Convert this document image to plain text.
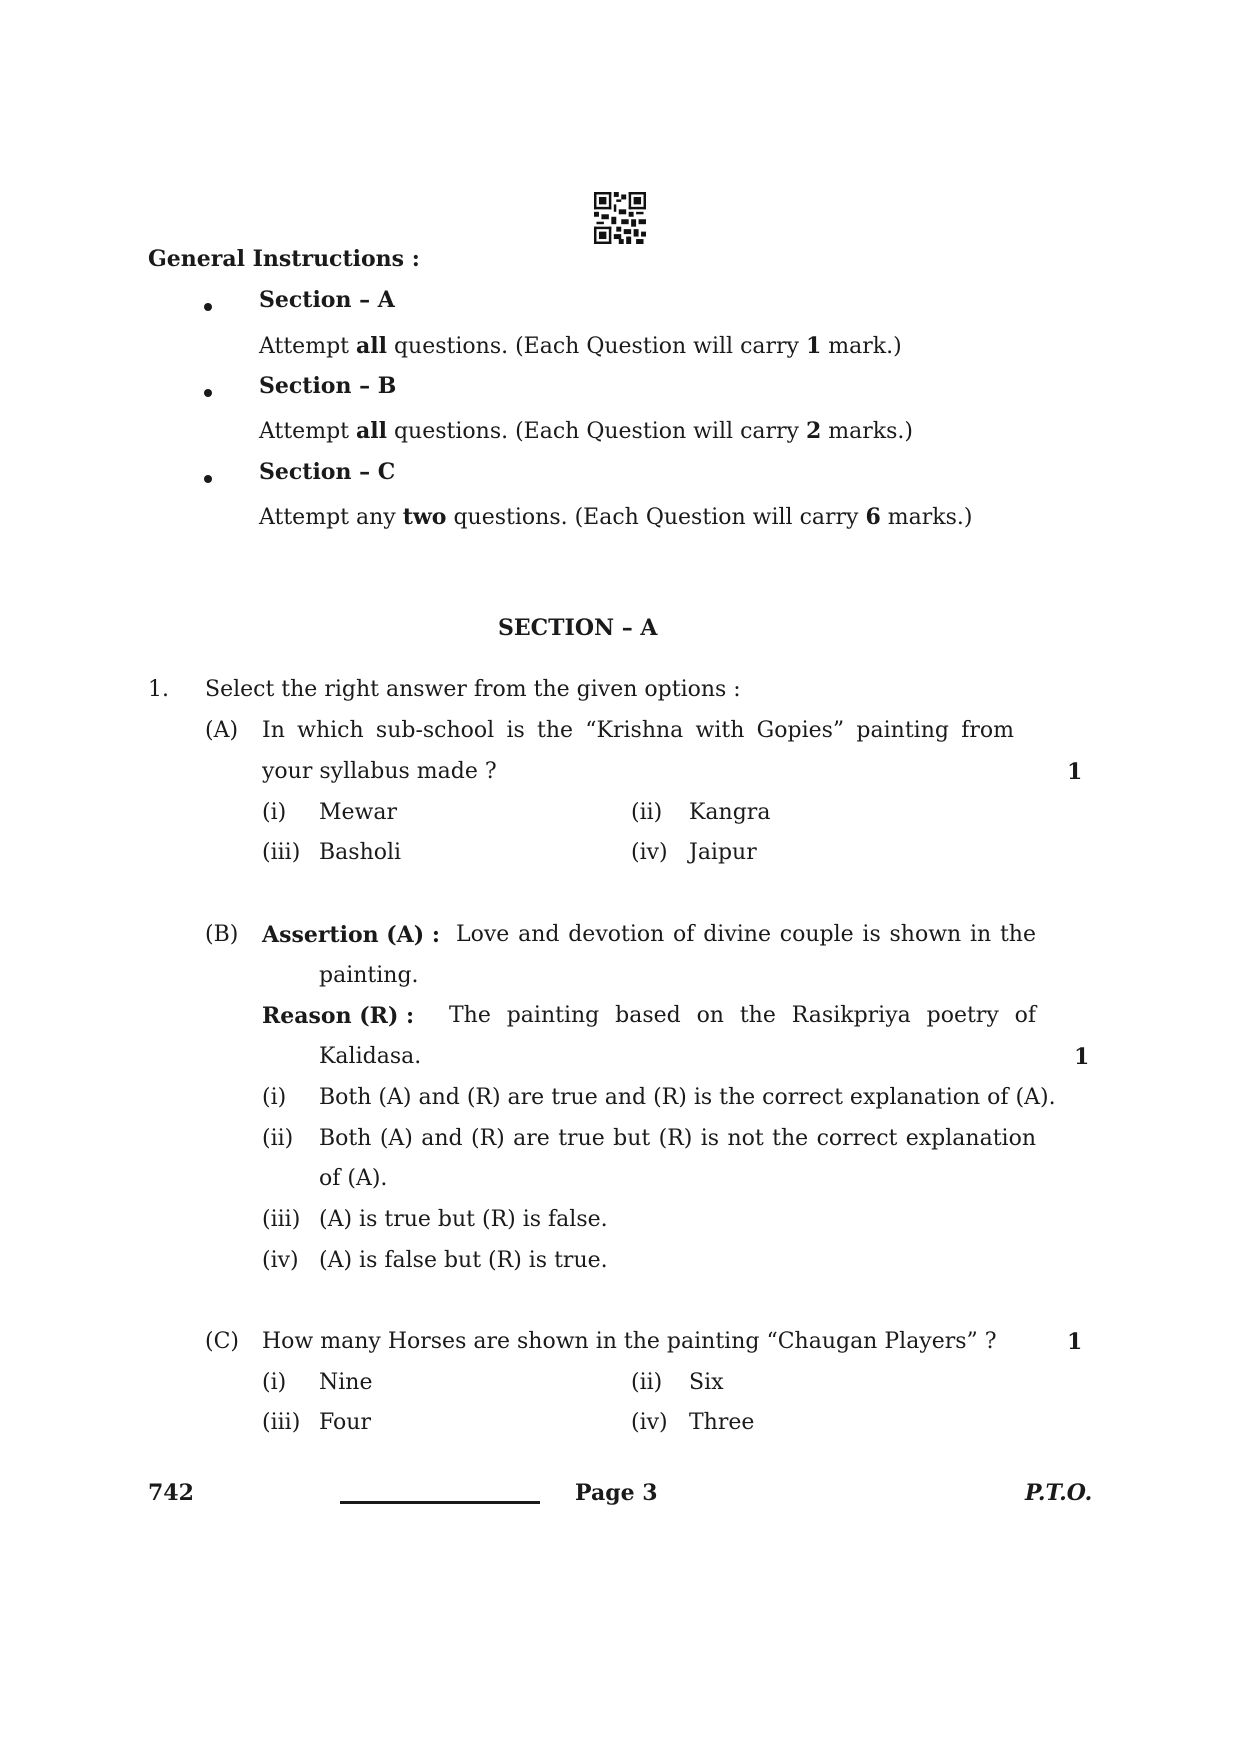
General Instructions :
Section – A
Attempt all questions. (Each Question will carry 1 mark.)
Section – B
Attempt all questions. (Each Question will carry 2 marks.)
Section – C
Attempt any two questions. (Each Question will carry 6 marks.)
SECTION – A
1. Select the right answer from the given options :
(A) In which sub-school is the “Krishna with Gopies” painting from
your syllabus made ?	1
(i) Mewar	(ii) Kangra
(iii) Basholi	(iv) Jaipur
(B) Assertion (A) : Love and devotion of divine couple is shown in the
painting.
Reason (R) : The painting based on the Rasikpriya poetry of
Kalidasa.	1
(i) Both (A) and (R) are true and (R) is the correct explanation of (A).
(ii) Both (A) and (R) are true but (R) is not the correct explanation
of (A).
(iii) (A) is true but (R) is false.
(iv) (A) is false but (R) is true.
(C) How many Horses are shown in the painting “Chaugan Players” ?	1
(i) Nine	(ii) Six
(iii) Four	(iv) Three
742	Page 3	P.T.O.
